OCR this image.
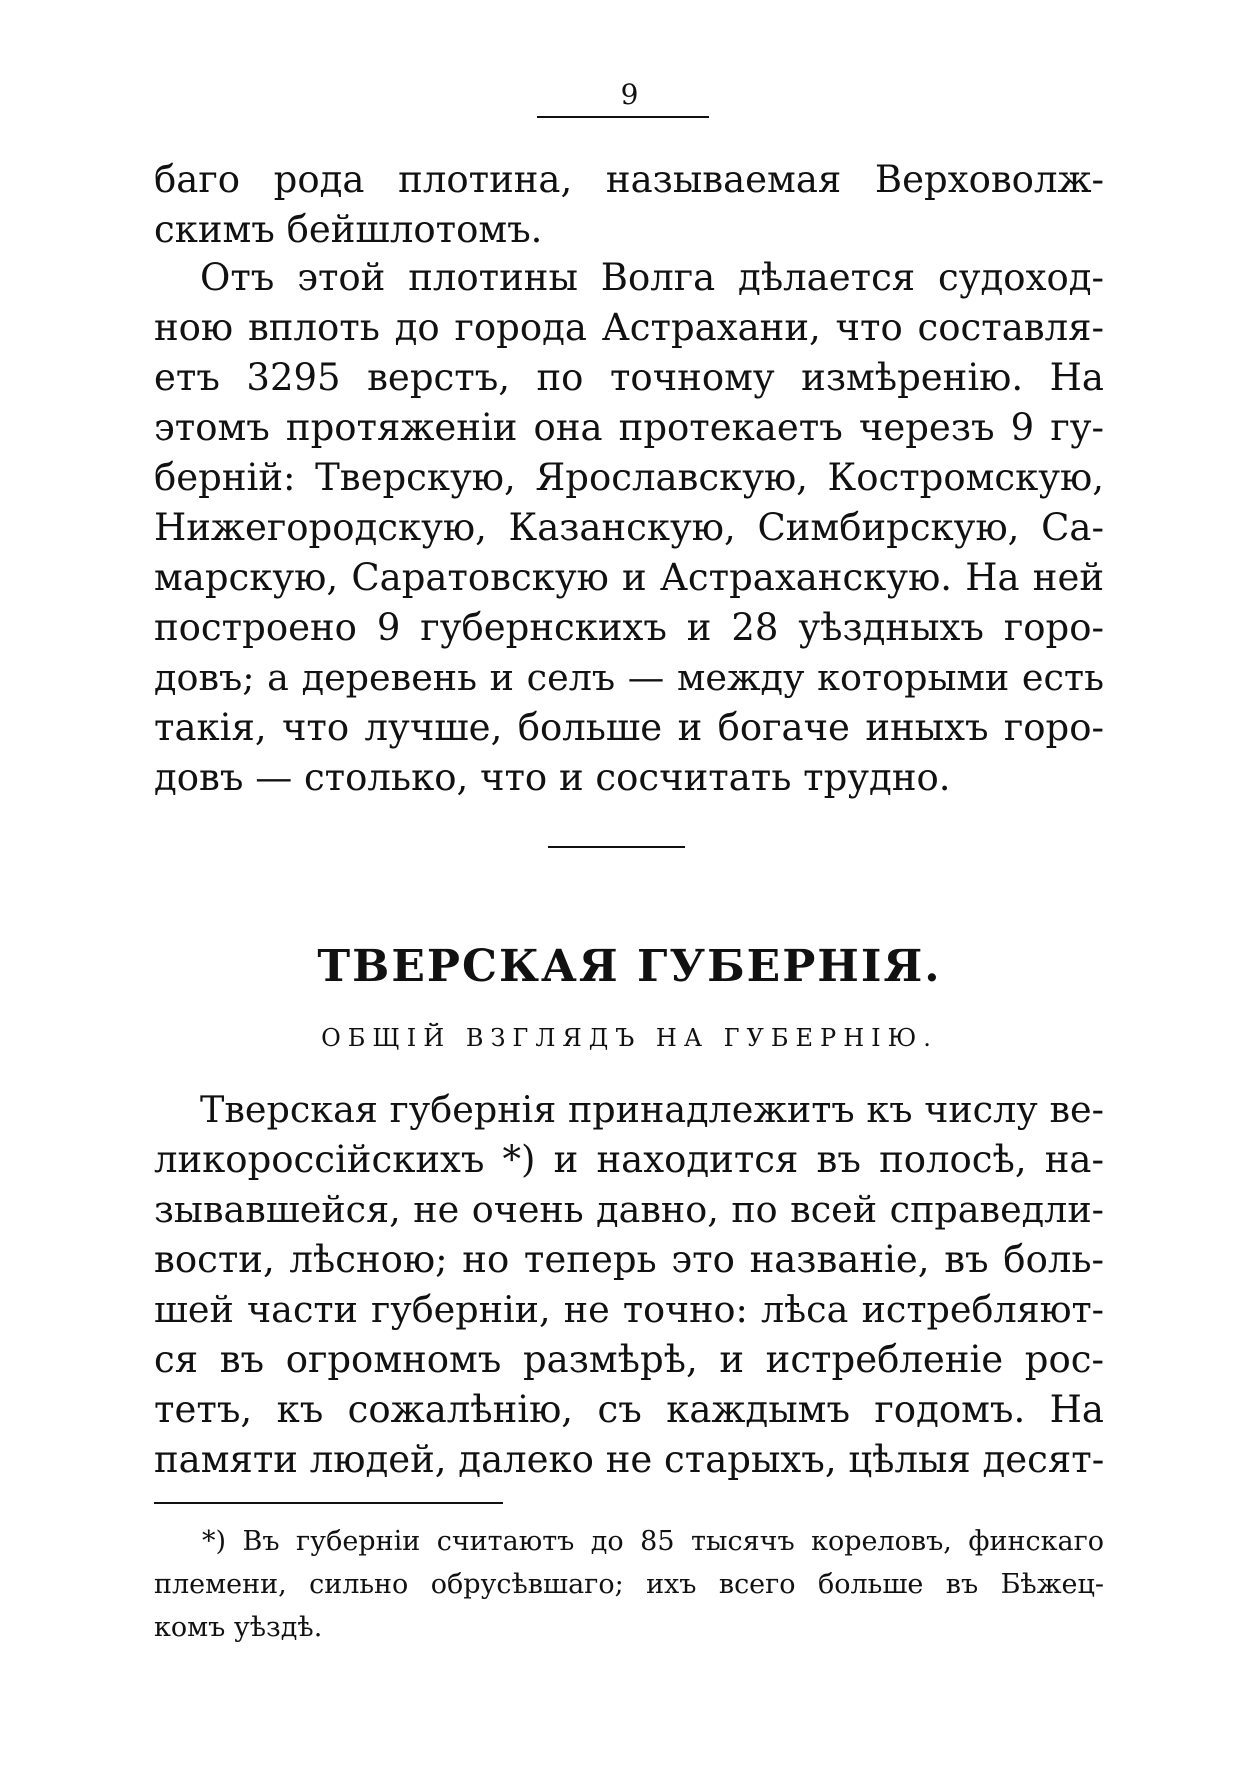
9
баго рода плотина, называемая Верховолж-
скимъ бейшлотомъ.
Отъ этой плотины Волга дѣлается судоход-
ною вплоть до города Астрахани, что составля-
етъ 3295 верстъ, по точному измѣренію. На
этомъ протяженіи она протекаетъ черезъ 9 гу-
берній: Тверскую, Ярославскую, Костромскую,
Нижегородскую, Казанскую, Симбирскую, Са-
марскую, Саратовскую и Астраханскую. На ней
построено 9 губернскихъ и 28 уѣздныхъ горо-
довъ; а деревень и селъ — между которыми есть
такія, что лучше, больше и богаче иныхъ горо-
довъ — столько, что и сосчитать трудно.
ТВЕРСКАЯ ГУБЕРНІЯ.
ОБЩІЙ ВЗГЛЯДЪ НА ГУБЕРНІЮ.
Тверская губернія принадлежитъ къ числу ве-
ликороссійскихъ *) и находится въ полосѣ, на-
зывавшейся, не очень давно, по всей справедли-
вости, лѣсною; но теперь это названіе, въ боль-
шей части губерніи, не точно: лѣса истребляют-
ся въ огромномъ размѣрѣ, и истребленіе рос-
тетъ, къ сожалѣнію, съ каждымъ годомъ. На
памяти людей, далеко не старыхъ, цѣлыя десят-
*) Въ губерніи считаютъ до 85 тысячъ кореловъ, финскаго
племени, сильно обрусѣвшаго; ихъ всего больше въ Бѣжец-
комъ уѣздѣ.
